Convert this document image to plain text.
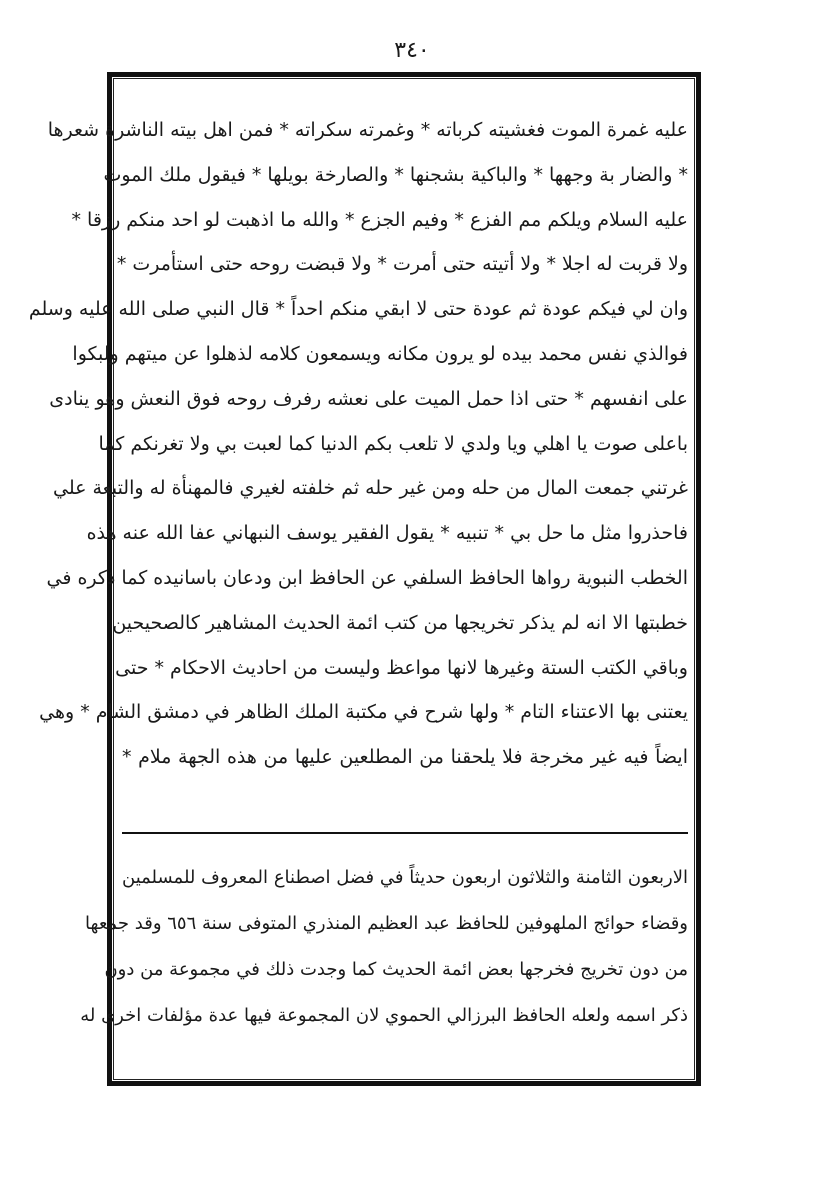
٣٤٠
عليه غمرة الموت فغشيته كرباته * وغمرته سكراته * فمن اهل بيته الناشرة شعرها
* والضار بة وجهها * والباكية بشجنها * والصارخة بويلها * فيقول ملك الموت
عليه السلام ويلكم مم الفزع * وفيم الجزع * والله ما اذهبت لو احد منكم رزقا *
ولا قربت له اجلا * ولا أتيته حتى أمرت * ولا قبضت روحه حتى استأمرت *
وان لي فيكم عودة ثم عودة حتى لا ابقي منكم احداً * قال النبي صلى الله عليه وسلم
فوالذي نفس محمد بيده لو يرون مكانه ويسمعون كلامه لذهلوا عن ميتهم ولبكوا
على انفسهم * حتى اذا حمل الميت على نعشه رفرف روحه فوق النعش وهو ينادى
باعلى صوت يا اهلي ويا ولدي لا تلعب بكم الدنيا كما لعبت بي ولا تغرنكم كما
غرتني جمعت المال من حله ومن غير حله ثم خلفته لغيري فالمهنأة له والتبعة علي
فاحذروا مثل ما حل بي * تنبيه * يقول الفقير يوسف النبهاني عفا الله عنه هذه
الخطب النبوية رواها الحافظ السلفي عن الحافظ ابن ودعان باسانيده كما ذكره في
خطبتها الا انه لم يذكر تخريجها من كتب ائمة الحديث المشاهير كالصحيحين
وباقي الكتب الستة وغيرها لانها مواعظ وليست من احاديث الاحكام * حتى
يعتنى بها الاعتناء التام * ولها شرح في مكتبة الملك الظاهر في دمشق الشام * وهي
ايضاً فيه غير مخرجة فلا يلحقنا من المطلعين عليها من هذه الجهة ملام *
الاربعون الثامنة والثلاثون اربعون حديثاً في فضل اصطناع المعروف للمسلمين
وقضاء حوائج الملهوفين للحافظ عبد العظيم المنذري المتوفى سنة ٦٥٦ وقد جمعها
من دون تخريج فخرجها بعض ائمة الحديث كما وجدت ذلك في مجموعة من دون
ذكر اسمه ولعله الحافظ البرزالي الحموي لان المجموعة فيها عدة مؤلفات اخرى له
